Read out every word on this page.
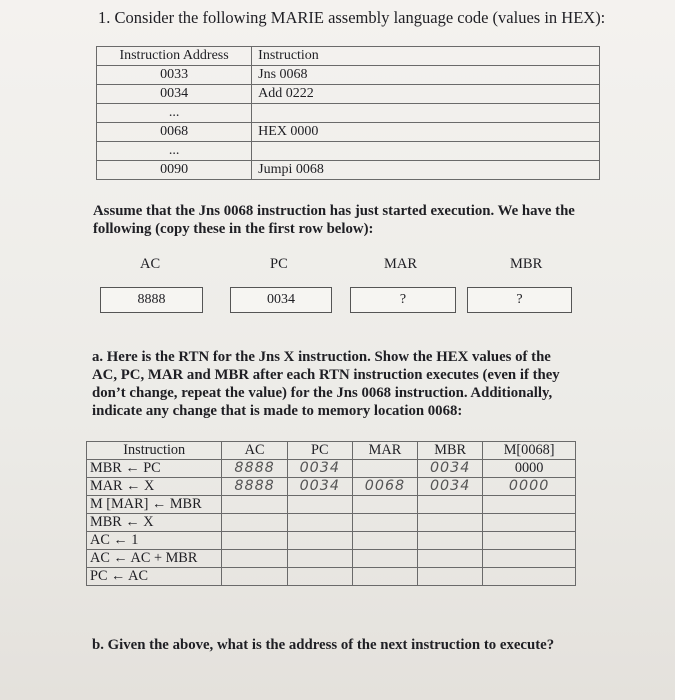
1. Consider the following MARIE assembly language code (values in HEX):
Instruction Address	Instruction
0033	Jns 0068
0034	Add 0222
...	
0068	HEX 0000
...	
0090	Jumpi 0068
Assume that the Jns 0068 instruction has just started execution. We have the
following (copy these in the first row below):
AC	PC	MAR	MBR
8888	0034	?	?
a. Here is the RTN for the Jns X instruction. Show the HEX values of the
AC, PC, MAR and MBR after each RTN instruction executes (even if they
don’t change, repeat the value) for the Jns 0068 instruction. Additionally,
indicate any change that is made to memory location 0068:
Instruction	AC	PC	MAR	MBR	M[0068]
MBR ← PC	8888	0034		0034	0000
MAR ← X	8888	0034	0068	0034	0000
M [MAR] ← MBR					
MBR ← X					
AC ← 1					
AC ← AC + MBR					
PC ← AC					
b. Given the above, what is the address of the next instruction to execute?
